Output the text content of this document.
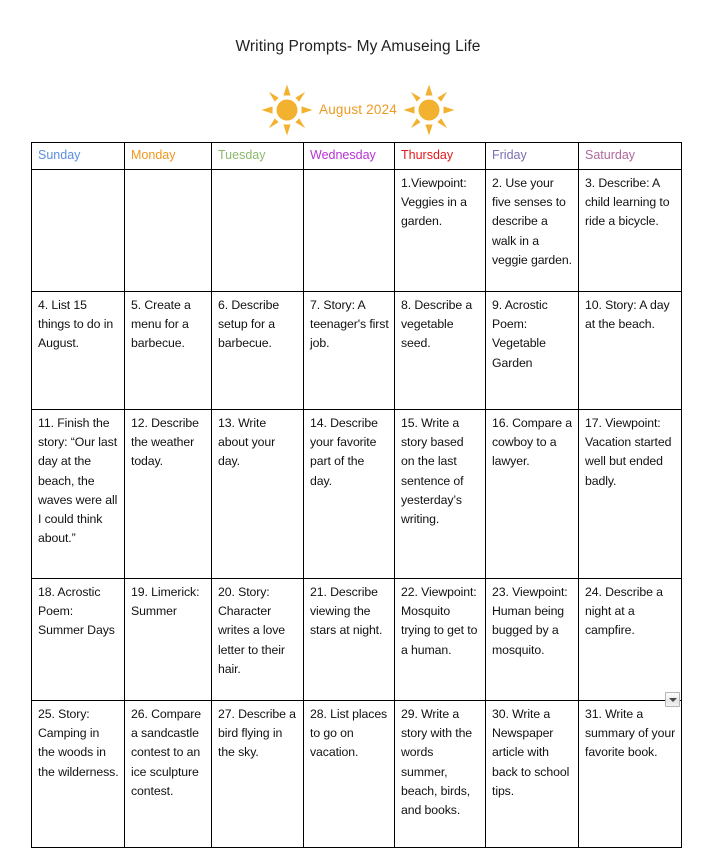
Writing Prompts- My Amuseing Life
August 2024
Sunday	Monday	Tuesday	Wednesday	Thursday	Friday	Saturday

				1.Viewpoint: Veggies in a garden.	2. Use your five senses to describe a walk in a veggie garden.	3. Describe: A child learning to ride a bicycle.

4. List 15 things to do in August.	5. Create a menu for a barbecue.	6. Describe setup for a barbecue.	7. Story: A teenager's first job.	8. Describe a vegetable seed.	9. Acrostic Poem: Vegetable Garden	10. Story: A day at the beach.

11. Finish the story: “Our last day at the beach, the waves were all I could think about.”	12. Describe the weather today.	13. Write about your day.	14. Describe your favorite part of the day.	15. Write a story based on the last sentence of yesterday’s writing.	16. Compare a cowboy to a lawyer.	17. Viewpoint: Vacation started well but ended badly.

18. Acrostic Poem: Summer Days	19. Limerick: Summer	20. Story: Character writes a love letter to their hair.	21. Describe viewing the stars at night.	22. Viewpoint: Mosquito trying to get to a human.	23. Viewpoint: Human being bugged by a mosquito.	24. Describe a night at a campfire.

25. Story: Camping in the woods in the wilderness.	26. Compare a sandcastle contest to an ice sculpture contest.	27. Describe a bird flying in the sky.	28. List places to go on vacation.	29. Write a story with the words summer, beach, birds, and books.	30. Write a Newspaper article with back to school tips.	31. Write a summary of your favorite book.
